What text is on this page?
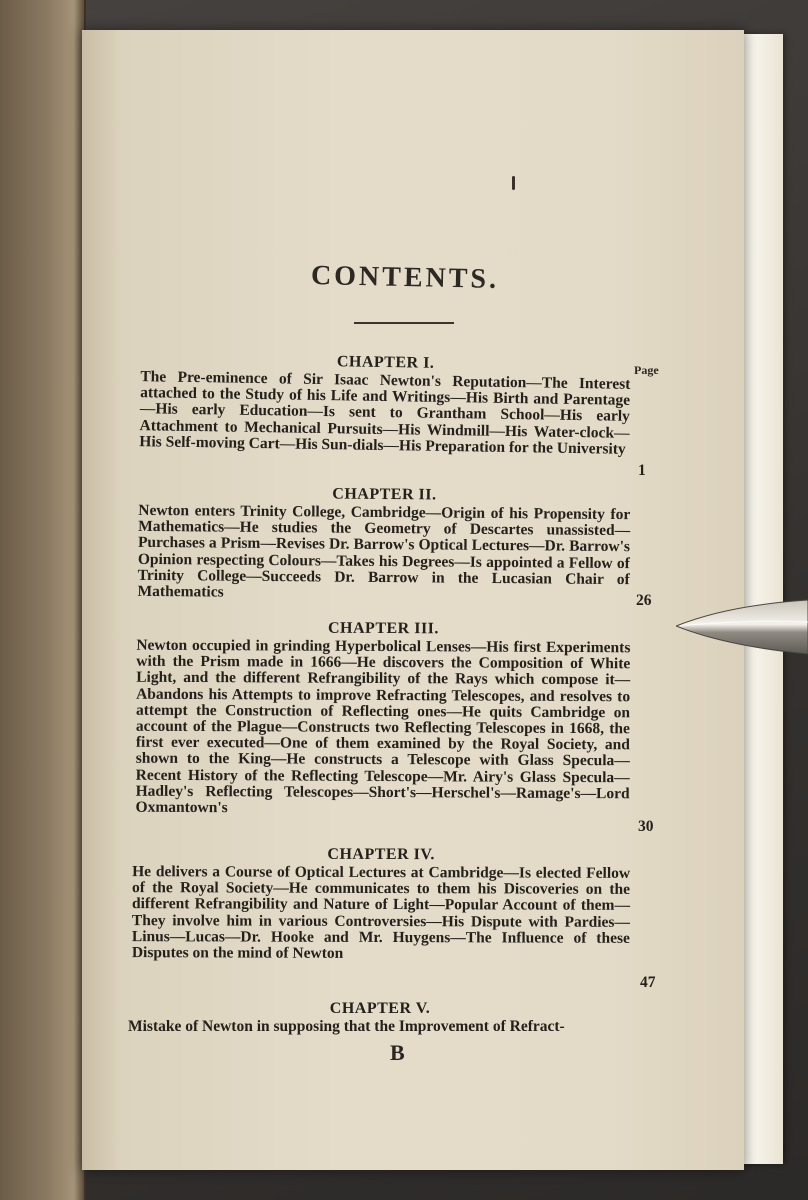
CONTENTS.
Page
CHAPTER I.
The Pre-eminence of Sir Isaac Newton's Reputation—The Interest attached to the Study of his Life and Writings—His Birth and Parentage—His early Education—Is sent to Grantham School—His early Attachment to Mechanical Pursuits—His Windmill—His Water-clock—His Self-moving Cart—His Sun-dials—His Preparation for the University
1
CHAPTER II.
Newton enters Trinity College, Cambridge—Origin of his Propensity for Mathematics—He studies the Geometry of Descartes unassisted—Purchases a Prism—Revises Dr. Barrow's Optical Lectures—Dr. Barrow's Opinion respecting Colours—Takes his Degrees—Is appointed a Fellow of Trinity College—Succeeds Dr. Barrow in the Lucasian Chair of Mathematics	26
CHAPTER III.
Newton occupied in grinding Hyperbolical Lenses—His first Experiments with the Prism made in 1666—He discovers the Composition of White Light, and the different Refrangibility of the Rays which compose it—Abandons his Attempts to improve Refracting Telescopes, and resolves to attempt the Construction of Reflecting ones—He quits Cambridge on account of the Plague—Constructs two Reflecting Telescopes in 1668, the first ever executed—One of them examined by the Royal Society, and shown to the King—He constructs a Telescope with Glass Specula—Recent History of the Reflecting Telescope—Mr. Airy's Glass Specula—Hadley's Reflecting Telescopes—Short's—Herschel's—Ramage's—Lord Oxmantown's
30
CHAPTER IV.
He delivers a Course of Optical Lectures at Cambridge—Is elected Fellow of the Royal Society—He communicates to them his Discoveries on the different Refrangibility and Nature of Light—Popular Account of them—They involve him in various Controversies—His Dispute with Pardies—Linus—Lucas—Dr. Hooke and Mr. Huygens—The Influence of these Disputes on the mind of Newton
47
CHAPTER V.
Mistake of Newton in supposing that the Improvement of Refract-
B
